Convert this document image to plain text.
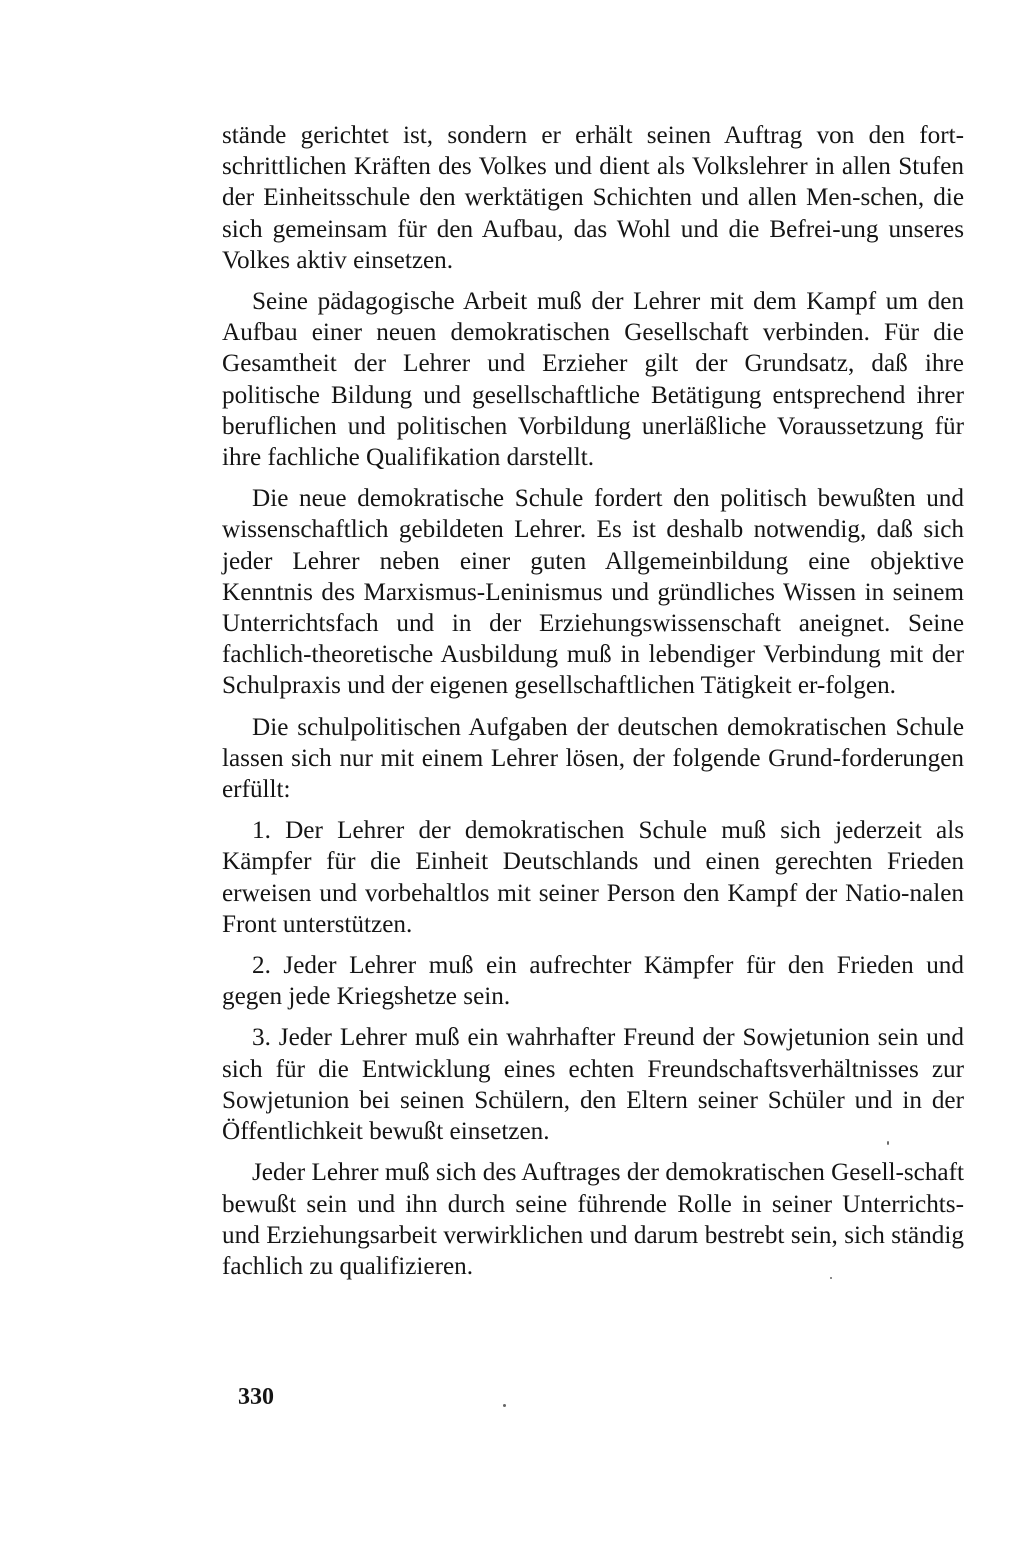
stände gerichtet ist, sondern er erhält seinen Auftrag von den fort-schrittlichen Kräften des Volkes und dient als Volkslehrer in allen Stufen der Einheitsschule den werktätigen Schichten und allen Men-schen, die sich gemeinsam für den Aufbau, das Wohl und die Befrei-ung unseres Volkes aktiv einsetzen.

Seine pädagogische Arbeit muß der Lehrer mit dem Kampf um den Aufbau einer neuen demokratischen Gesellschaft verbinden. Für die Gesamtheit der Lehrer und Erzieher gilt der Grundsatz, daß ihre politische Bildung und gesellschaftliche Betätigung entsprechend ihrer beruflichen und politischen Vorbildung unerläßliche Voraussetzung für ihre fachliche Qualifikation darstellt.

Die neue demokratische Schule fordert den politisch bewußten und wissenschaftlich gebildeten Lehrer. Es ist deshalb notwendig, daß sich jeder Lehrer neben einer guten Allgemeinbildung eine objektive Kenntnis des Marxismus-Leninismus und gründliches Wissen in seinem Unterrichtsfach und in der Erziehungswissenschaft aneignet. Seine fachlich-theoretische Ausbildung muß in lebendiger Verbindung mit der Schulpraxis und der eigenen gesellschaftlichen Tätigkeit er-folgen.

Die schulpolitischen Aufgaben der deutschen demokratischen Schule lassen sich nur mit einem Lehrer lösen, der folgende Grund-forderungen erfüllt:

1. Der Lehrer der demokratischen Schule muß sich jederzeit als Kämpfer für die Einheit Deutschlands und einen gerechten Frieden erweisen und vorbehaltlos mit seiner Person den Kampf der Natio-nalen Front unterstützen.

2. Jeder Lehrer muß ein aufrechter Kämpfer für den Frieden und gegen jede Kriegshetze sein.

3. Jeder Lehrer muß ein wahrhafter Freund der Sowjetunion sein und sich für die Entwicklung eines echten Freundschaftsverhältnisses zur Sowjetunion bei seinen Schülern, den Eltern seiner Schüler und in der Öffentlichkeit bewußt einsetzen.

Jeder Lehrer muß sich des Auftrages der demokratischen Gesell-schaft bewußt sein und ihn durch seine führende Rolle in seiner Unterrichts- und Erziehungsarbeit verwirklichen und darum bestrebt sein, sich ständig fachlich zu qualifizieren.

330
